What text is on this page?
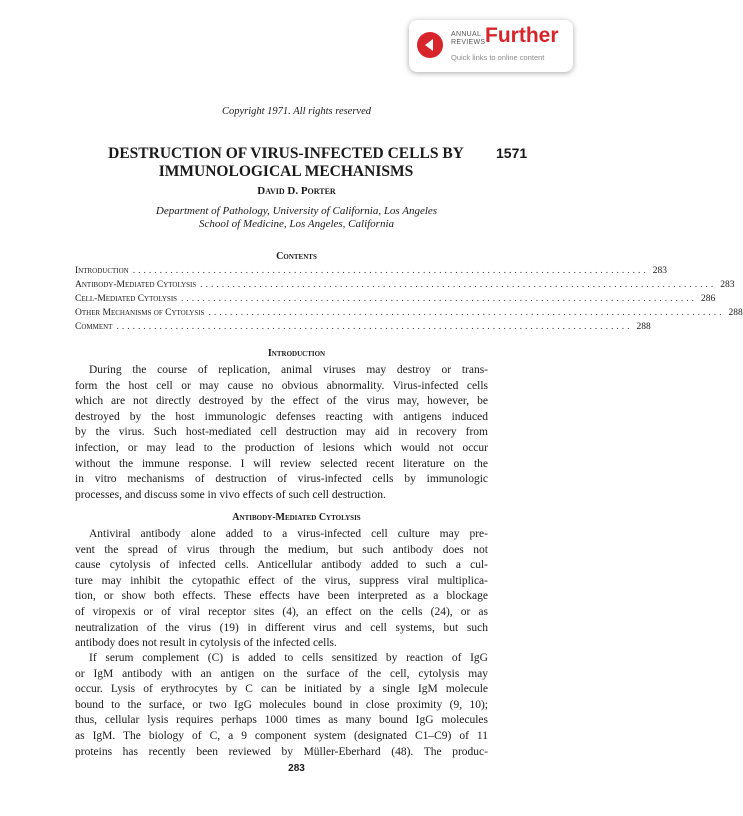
ANNUAL
REVIEWS Further
Quick links to online content
Copyright 1971. All rights reserved
DESTRUCTION OF VIRUS-INFECTED CELLS BY
IMMUNOLOGICAL MECHANISMS
1571
David D. Porter
Department of Pathology, University of California, Los Angeles
School of Medicine, Los Angeles, California
Contents
Introduction ................................................................................................ 283
Antibody-Mediated Cytolysis ................................................................................................ 283
Cell-Mediated Cytolysis ................................................................................................ 286
Other Mechanisms of Cytolysis ................................................................................................ 288
Comment ................................................................................................ 288
Introduction
During the course of replication, animal viruses may destroy or trans-
form the host cell or may cause no obvious abnormality. Virus-infected cells
which are not directly destroyed by the effect of the virus may, however, be
destroyed by the host immunologic defenses reacting with antigens induced
by the virus. Such host-mediated cell destruction may aid in recovery from
infection, or may lead to the production of lesions which would not occur
without the immune response. I will review selected recent literature on the
in vitro mechanisms of destruction of virus-infected cells by immunologic
processes, and discuss some in vivo effects of such cell destruction.
Antibody-Mediated Cytolysis
Antiviral antibody alone added to a virus-infected cell culture may pre-
vent the spread of virus through the medium, but such antibody does not
cause cytolysis of infected cells. Anticellular antibody added to such a cul-
ture may inhibit the cytopathic effect of the virus, suppress viral multiplica-
tion, or show both effects. These effects have been interpreted as a blockage
of viropexis or of viral receptor sites (4), an effect on the cells (24), or as
neutralization of the virus (19) in different virus and cell systems, but such
antibody does not result in cytolysis of the infected cells.
If serum complement (C) is added to cells sensitized by reaction of IgG
or IgM antibody with an antigen on the surface of the cell, cytolysis may
occur. Lysis of erythrocytes by C can be initiated by a single IgM molecule
bound to the surface, or two IgG molecules bound in close proximity (9, 10);
thus, cellular lysis requires perhaps 1000 times as many bound IgG molecules
as IgM. The biology of C, a 9 component system (designated C1–C9) of 11
proteins has recently been reviewed by Müller-Eberhard (48). The produc-
283
